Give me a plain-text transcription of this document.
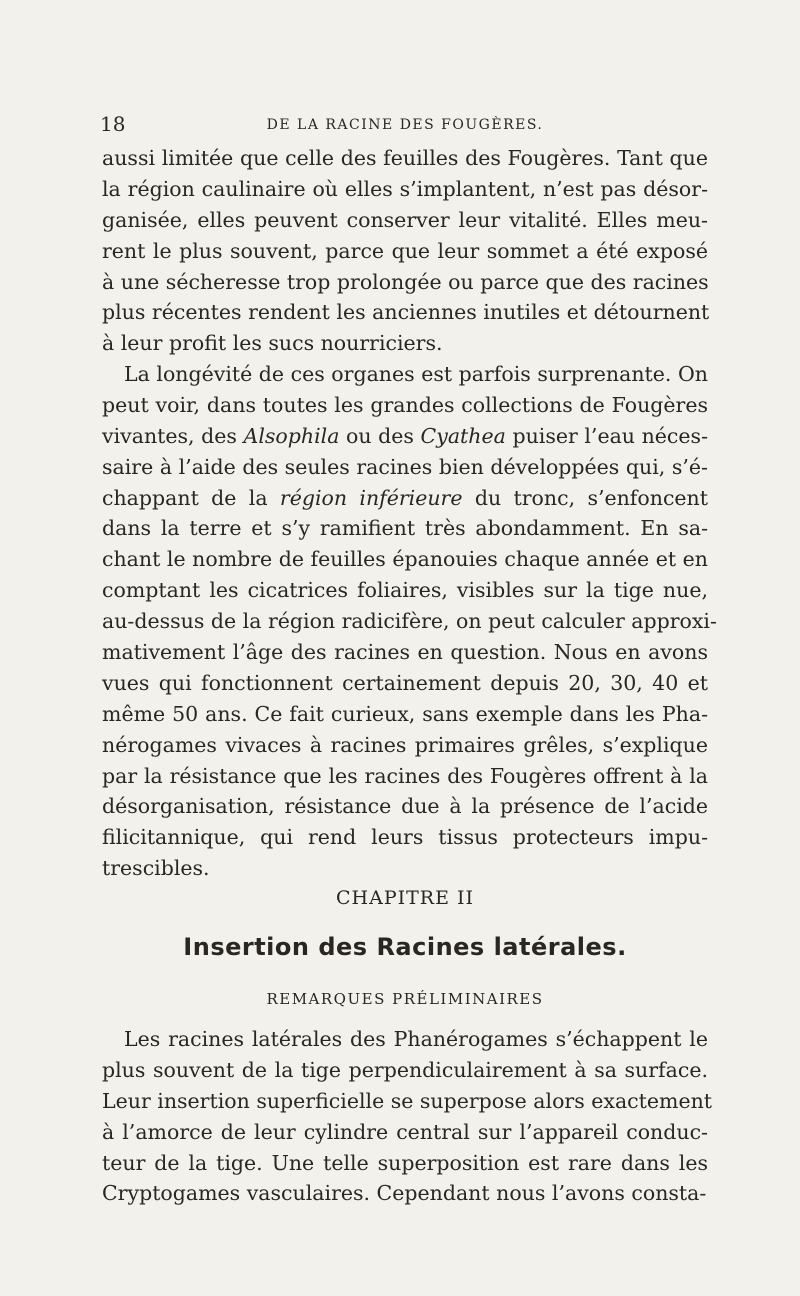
18	DE LA RACINE DES FOUGÈRES.
aussi limitée que celle des feuilles des Fougères. Tant que
la région caulinaire où elles s’implantent, n’est pas désor-
ganisée, elles peuvent conserver leur vitalité. Elles meu-
rent le plus souvent, parce que leur sommet a été exposé
à une sécheresse trop prolongée ou parce que des racines
plus récentes rendent les anciennes inutiles et détournent
à leur profit les sucs nourriciers.
La longévité de ces organes est parfois surprenante. On
peut voir, dans toutes les grandes collections de Fougères
vivantes, des Alsophila ou des Cyathea puiser l’eau néces-
saire à l’aide des seules racines bien développées qui, s’é-
chappant de la région inférieure du tronc, s’enfoncent
dans la terre et s’y ramifient très abondamment. En sa-
chant le nombre de feuilles épanouies chaque année et en
comptant les cicatrices foliaires, visibles sur la tige nue,
au-dessus de la région radicifère, on peut calculer approxi-
mativement l’âge des racines en question. Nous en avons
vues qui fonctionnent certainement depuis 20, 30, 40 et
même 50 ans. Ce fait curieux, sans exemple dans les Pha-
nérogames vivaces à racines primaires grêles, s’explique
par la résistance que les racines des Fougères offrent à la
désorganisation, résistance due à la présence de l’acide
filicitannique, qui rend leurs tissus protecteurs impu-
trescibles.
CHAPITRE II
Insertion des Racines latérales.
REMARQUES PRÉLIMINAIRES
Les racines latérales des Phanérogames s’échappent le
plus souvent de la tige perpendiculairement à sa surface.
Leur insertion superficielle se superpose alors exactement
à l’amorce de leur cylindre central sur l’appareil conduc-
teur de la tige. Une telle superposition est rare dans les
Cryptogames vasculaires. Cependant nous l’avons consta-
